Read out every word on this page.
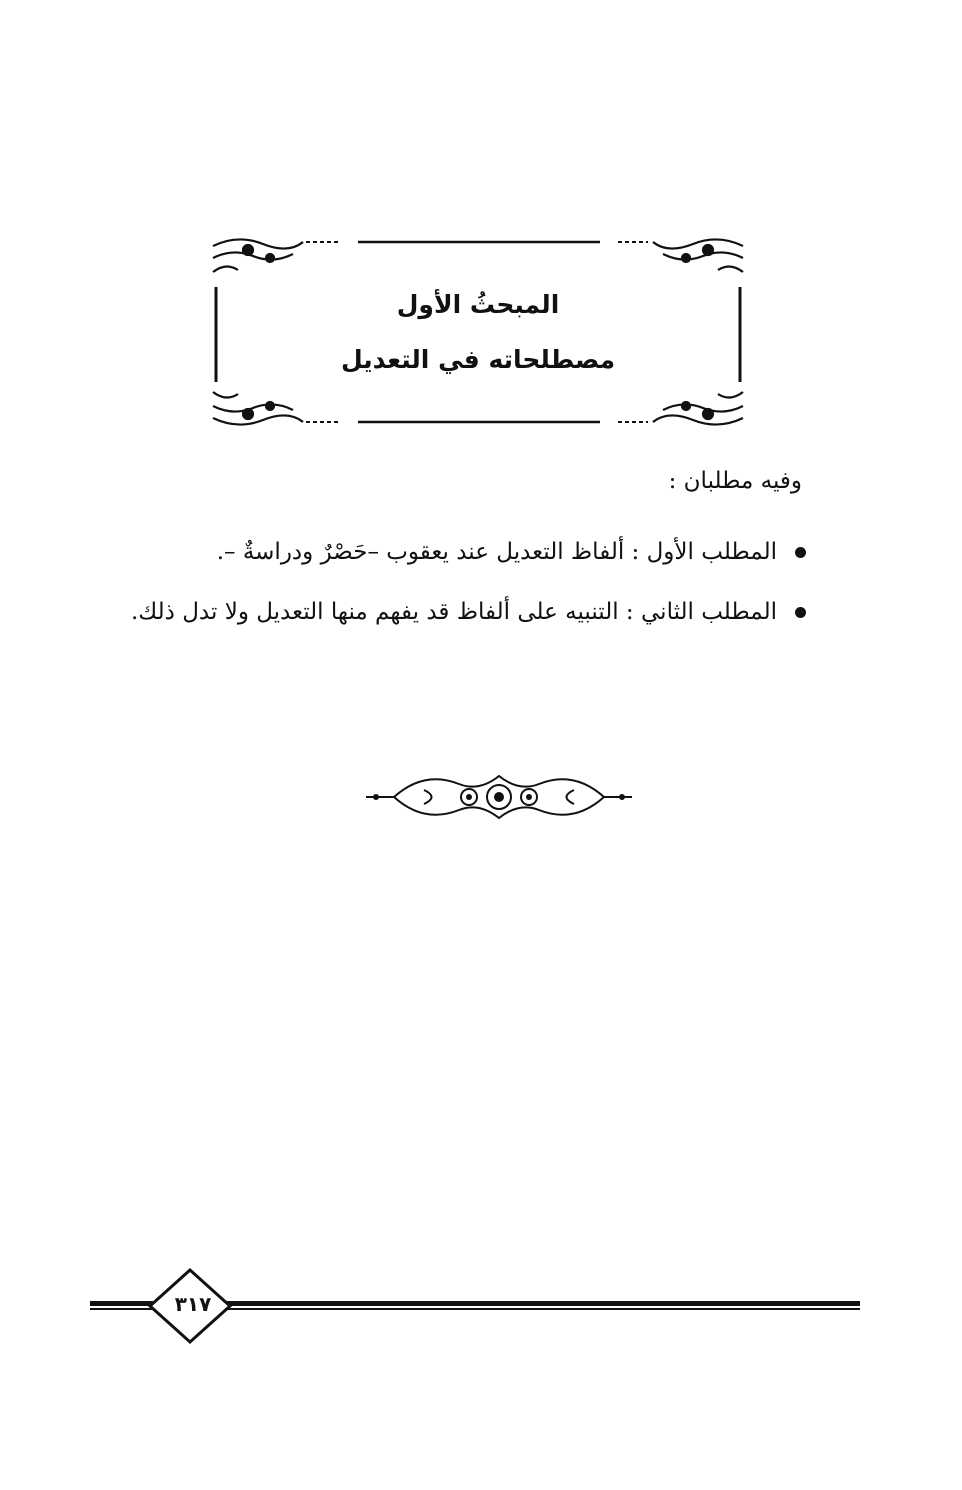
المبحثُ الأول
مصطلحاته في التعديل
وفيه مطلبان :
المطلب الأول : ألفاظ التعديل عند يعقوب –حَصْرٌ ودراسةٌ –.
المطلب الثاني : التنبيه على ألفاظ قد يفهم منها التعديل ولا تدل ذلك.
٣١٧
